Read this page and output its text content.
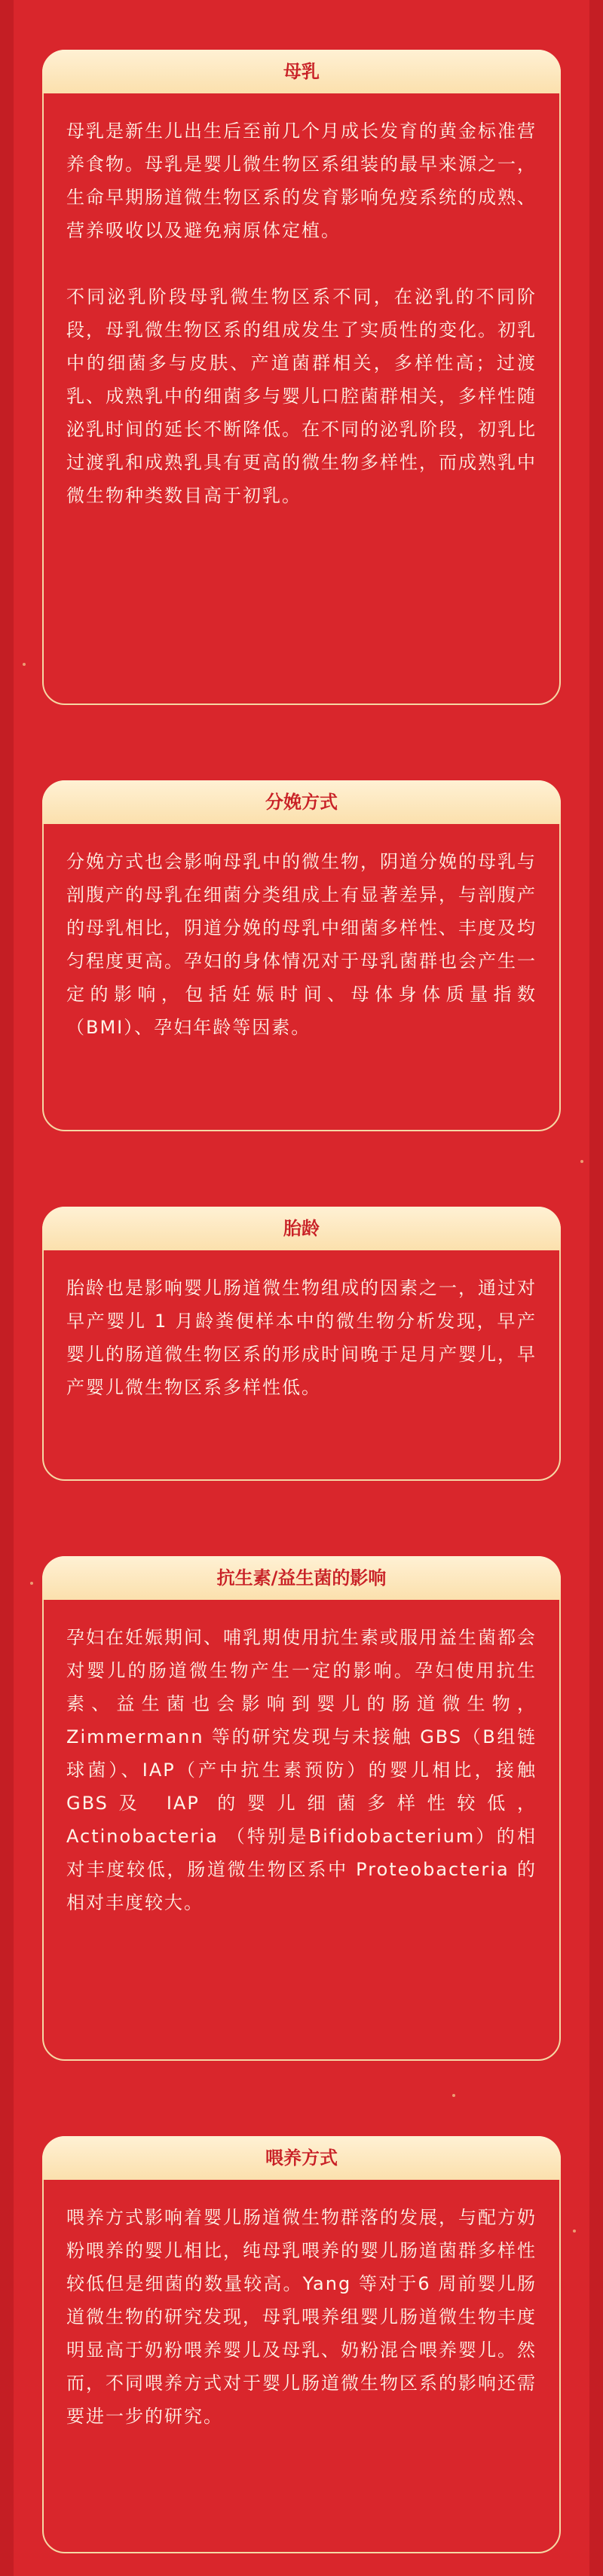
母乳

母乳是新生儿出生后至前几个月成长发育的黄金标准营养食物。母乳是婴儿微生物区系组装的最早来源之一，生命早期肠道微生物区系的发育影响免疫系统的成熟、营养吸收以及避免病原体定植。

不同泌乳阶段母乳微生物区系不同，在泌乳的不同阶段，母乳微生物区系的组成发生了实质性的变化。初乳中的细菌多与皮肤、产道菌群相关，多样性高；过渡乳、成熟乳中的细菌多与婴儿口腔菌群相关，多样性随泌乳时间的延长不断降低。在不同的泌乳阶段，初乳比过渡乳和成熟乳具有更高的微生物多样性，而成熟乳中微生物种类数目高于初乳。

分娩方式

分娩方式也会影响母乳中的微生物，阴道分娩的母乳与剖腹产的母乳在细菌分类组成上有显著差异，与剖腹产的母乳相比，阴道分娩的母乳中细菌多样性、丰度及均匀程度更高。孕妇的身体情况对于母乳菌群也会产生一定的影响，包括妊娠时间、母体身体质量指数（BMI）、孕妇年龄等因素。

胎龄

胎龄也是影响婴儿肠道微生物组成的因素之一，通过对早产婴儿 1 月龄粪便样本中的微生物分析发现，早产婴儿的肠道微生物区系的形成时间晚于足月产婴儿，早产婴儿微生物区系多样性低。

抗生素/益生菌的影响

孕妇在妊娠期间、哺乳期使用抗生素或服用益生菌都会对婴儿的肠道微生物产生一定的影响。孕妇使用抗生素、益生菌也会影响到婴儿的肠道微生物，Zimmermann 等的研究发现与未接触 GBS（B组链球菌）、IAP（产中抗生素预防）的婴儿相比，接触GBS及 IAP 的婴儿细菌多样性较低，Actinobacteria （特别是Bifidobacterium）的相对丰度较低，肠道微生物区系中 Proteobacteria 的相对丰度较大。

喂养方式

喂养方式影响着婴儿肠道微生物群落的发展，与配方奶粉喂养的婴儿相比，纯母乳喂养的婴儿肠道菌群多样性较低但是细菌的数量较高。Yang 等对于6 周前婴儿肠道微生物的研究发现，母乳喂养组婴儿肠道微生物丰度明显高于奶粉喂养婴儿及母乳、奶粉混合喂养婴儿。然而，不同喂养方式对于婴儿肠道微生物区系的影响还需要进一步的研究。
